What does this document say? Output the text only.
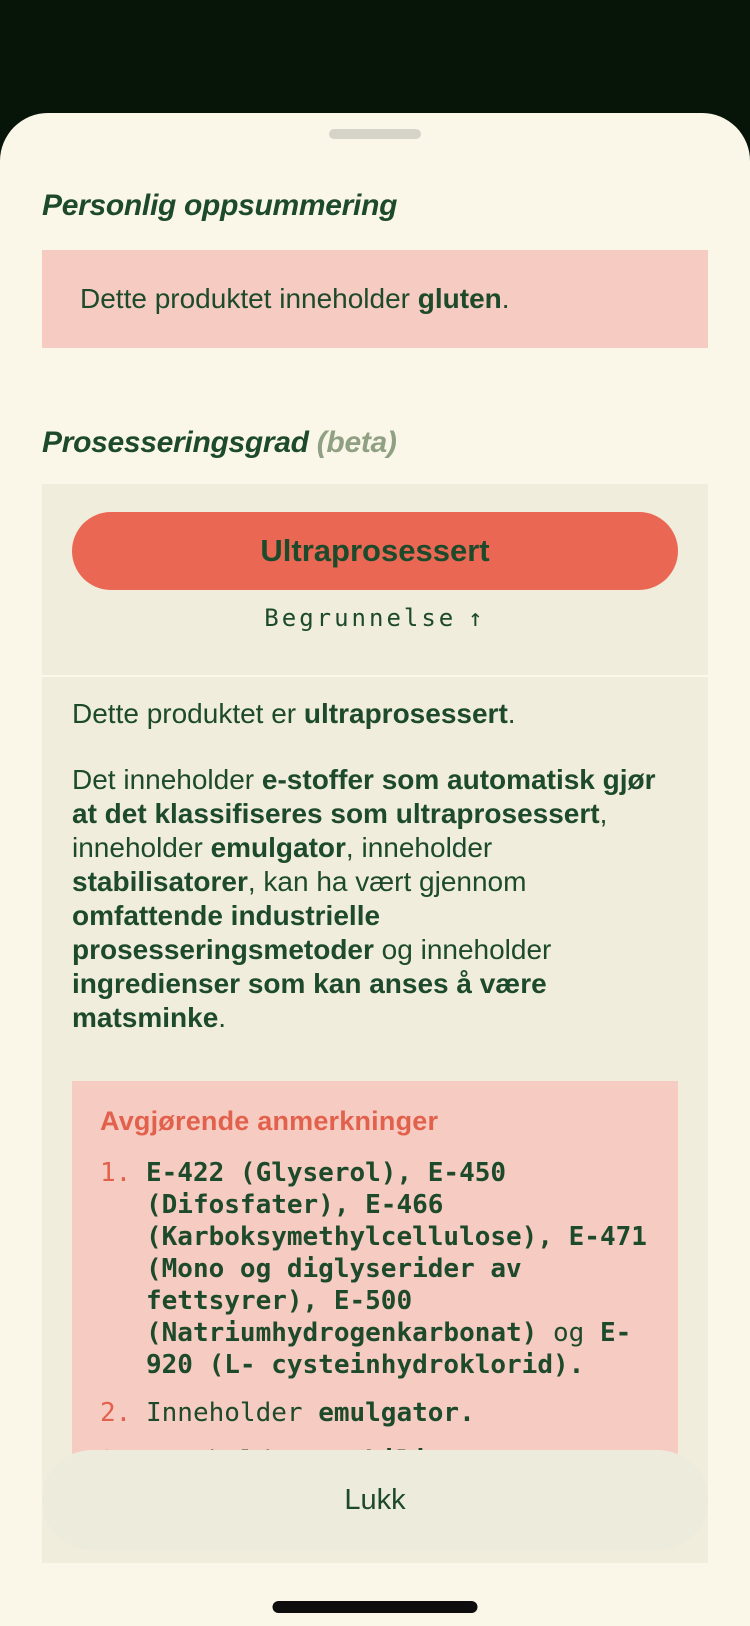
Personlig oppsummering
Dette produktet inneholder gluten.
Prosesseringsgrad (beta)
Ultraprosessert
Begrunnelse ↑

Dette produktet er ultraprosessert.

Det inneholder e-stoffer som automatisk gjør at det klassifiseres som ultraprosessert, inneholder emulgator, inneholder stabilisatorer, kan ha vært gjennom omfattende industrielle prosesseringsmetoder og inneholder ingredienser som kan anses å være matsminke.

Avgjørende anmerkninger
1. E-422 (Glyserol), E-450 (Difosfater), E-466 (Karboksymethylcellulose), E-471 (Mono og diglyserider av fettsyrer), E-500 (Natriumhydrogenkarbonat) og E-920 (L- cysteinhydroklorid).
2. Inneholder emulgator.
Lukk
